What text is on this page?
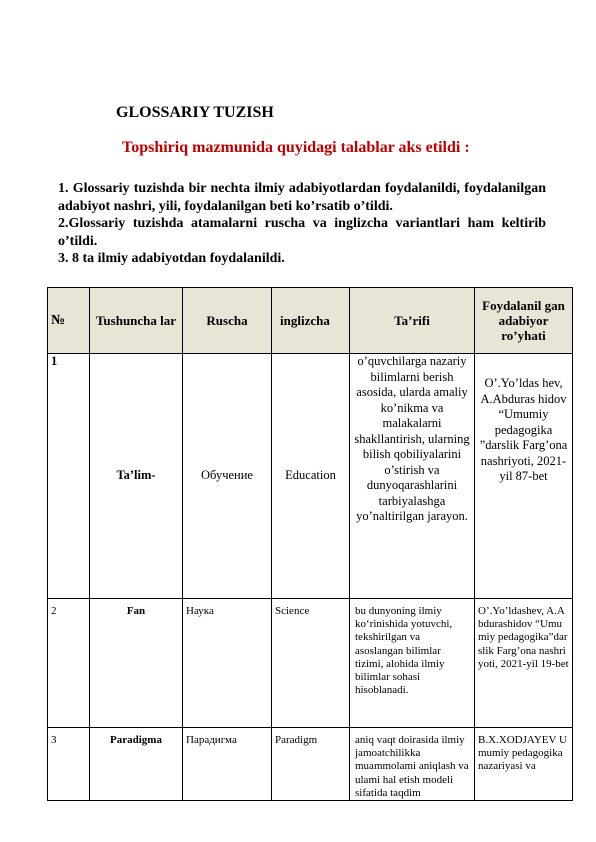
GLOSSARIY TUZISH
Topshiriq mazmunida quyidagi talablar aks etildi :
1. Glossariy tuzishda bir nechta ilmiy adabiyotlardan foydalanildi, foydalanilgan adabiyot nashri, yili, foydalanilgan beti ko’rsatib o’tildi.
2.Glossariy tuzishda atamalarni ruscha va inglizcha variantlari ham keltirib o’tildi.
3. 8 ta ilmiy adabiyotdan foydalanildi.
№	Tushuncha lar	Ruscha	inglizcha	Ta’rifi	Foydalanil gan adabiyor ro’yhati
1	Ta’lim-	Обучение	Education	o’quvchilarga nazariy bilimlarni berish asosida, ularda amaliy ko’nikma va malakalarni shakllantirish, ularning bilish qobiliyalarini o’stirish va dunyoqarashlarini tarbiyalashga yo’naltirilgan jarayon.	O’.Yo’ldas hev, A.Abduras hidov “Umumiy pedagogika ”darslik Farg’ona nashriyoti, 2021-yil 87-bet
2	Fan	Наука	Science	bu dunyoning ilmiy ko‘rinishida yotuvchi, tekshirilgan va asoslangan bilimlar tizimi, alohida ilmiy bilimlar sohasi hisoblanadi.	O’.Yo’ldashev, A.Abdurashidov “Umumiy pedagogika”darslik Farg’ona nashriyoti, 2021-yil 19-bet
3	Paradigma	Парадигма	Paradigm	aniq vaqt doirasida ilmiy jamoatchilikka muammolami aniqlash va ulami hal etish modeli sifatida taqdim	B.X.XODJAYEV Umumiy pedagogika nazariyasi va
